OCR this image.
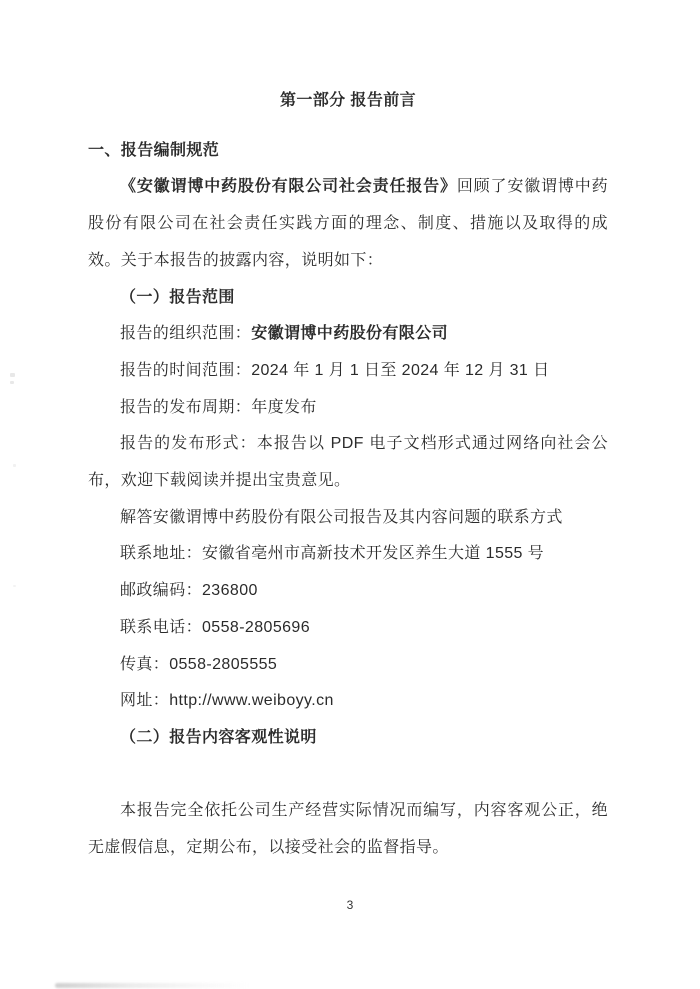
第一部分 报告前言

一、报告编制规范

《安徽谓博中药股份有限公司社会责任报告》回顾了安徽谓博中药股份有限公司在社会责任实践方面的理念、制度、措施以及取得的成效。关于本报告的披露内容，说明如下：

（一）报告范围

报告的组织范围：安徽谓博中药股份有限公司

报告的时间范围：2024 年 1 月 1 日至 2024 年 12 月 31 日

报告的发布周期：年度发布

报告的发布形式：本报告以 PDF 电子文档形式通过网络向社会公布，欢迎下载阅读并提出宝贵意见。

解答安徽谓博中药股份有限公司报告及其内容问题的联系方式

联系地址：安徽省亳州市高新技术开发区养生大道 1555 号

邮政编码：236800

联系电话：0558-2805696

传真：0558-2805555

网址：http://www.weiboyy.cn

（二）报告内容客观性说明

本报告完全依托公司生产经营实际情况而编写，内容客观公正，绝无虚假信息，定期公布，以接受社会的监督指导。

3
